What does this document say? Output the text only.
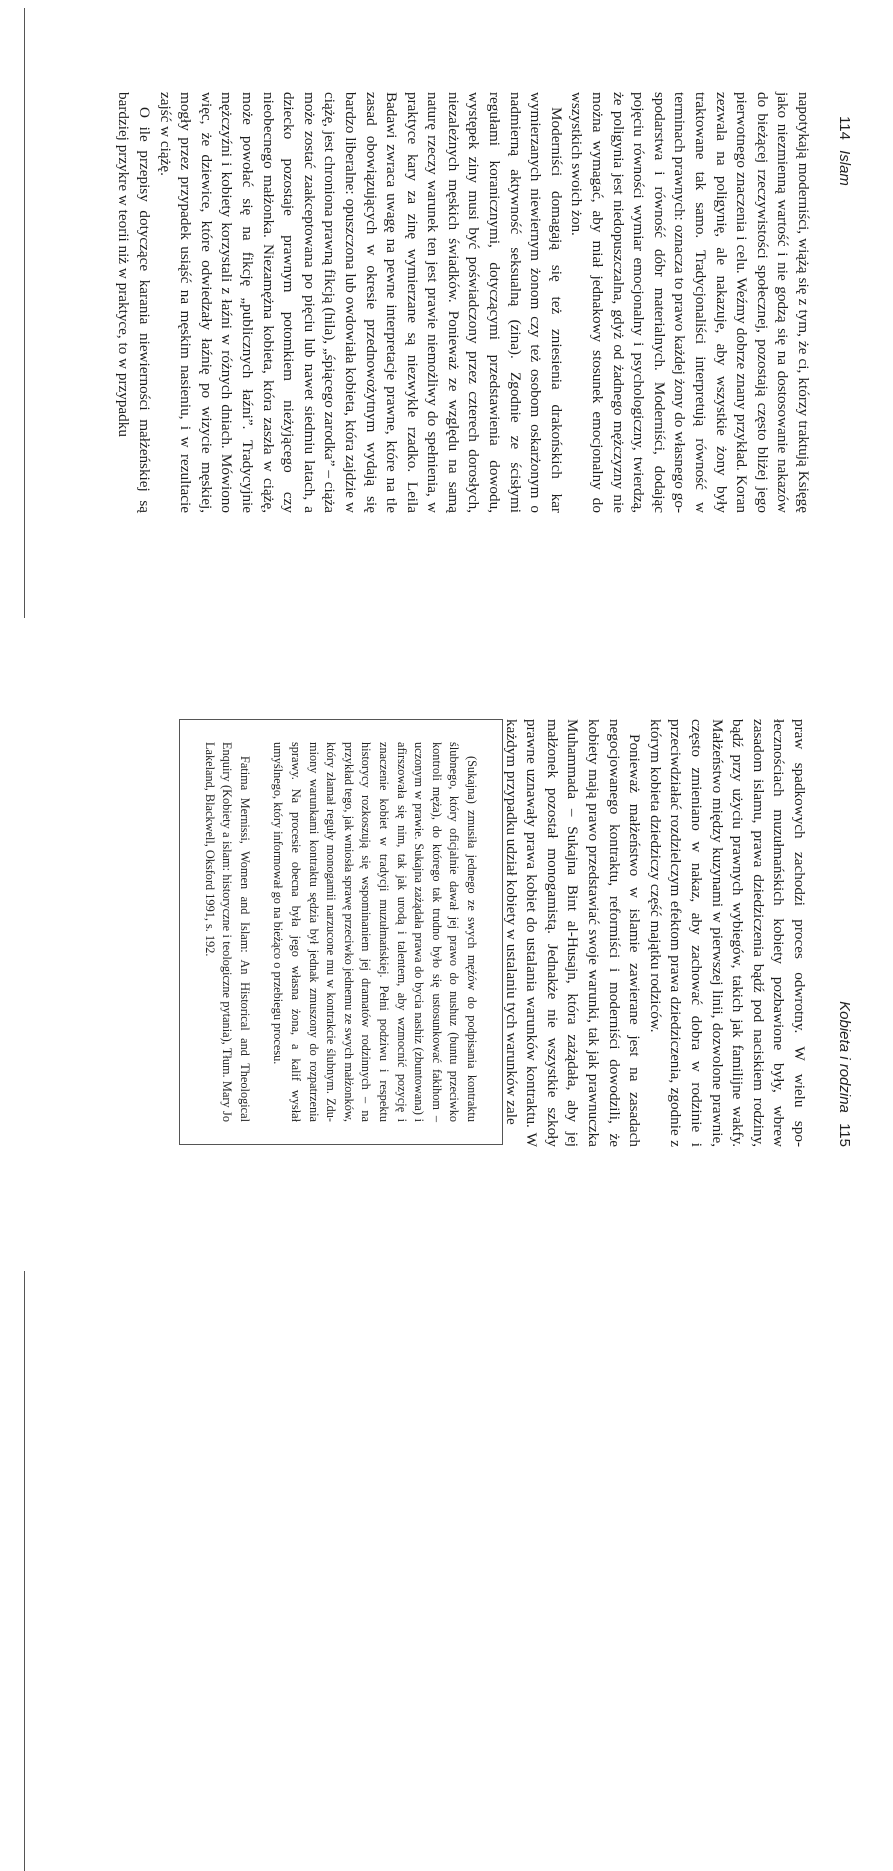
114 Islam

napotykają moderniści, wiążą się z tym, że ci, którzy traktują Księgę jako niezmienną wartość i nie godzą się na dostosowanie nakazów do bieżącej rzeczywistości społecznej, pozostają często bliżej jego pierwotnego znaczenia i celu. Weźmy dobrze znany przykład. Koran zezwala na poligynię, ale nakazuje, aby wszystkie żony były traktowane tak samo. Tradycjonaliści interpretują równość w terminach prawnych: oznacza to prawo każdej żony do własnego gospodarstwa i równość dóbr materialnych. Moderniści, dodając pojęciu równości wymiar emocjonalny i psychologiczny, twierdzą, że poligynia jest niedopuszczalna, gdyż od żadnego mężczyzny nie można wymagać, aby miał jednakowy stosunek emocjonalny do wszystkich swoich żon.

Moderniści domagają się też zniesienia drakońskich kar wymierzanych niewiernym żonom czy też osobom oskarżonym o nadmierną aktywność seksualną (zina). Zgodnie ze ścisłymi regułami koranicznymi, dotyczącymi przedstawienia dowodu, występek ziny musi być poświadczony przez czterech dorosłych, niezależnych męskich świadków. Ponieważ ze względu na samą naturę rzeczy warunek ten jest prawie niemożliwy do spełnienia, w praktyce kary za zinę wymierzane są niezwykle rzadko. Leila Badawi zwraca uwagę na pewne interpretacje prawne, które na tle zasad obowiązujących w okresie przednowożytnym wydają się bardzo liberalne: opuszczona lub owdowiała kobieta, która zajdzie w ciążę, jest chroniona prawną fikcją (hila), „śpiącego zarodka” – ciąża może zostać zaakceptowana po pięciu lub nawet siedmiu latach, a dziecko pozostaje prawnym potomkiem nieżyjącego czy nieobecnego małżonka. Niezamężna kobieta, która zaszła w ciążę, może powołać się na fikcję „publicznych łaźni”. Tradycyjnie mężczyźni i kobiety korzystali z łaźni w różnych dniach. Mówiono więc, że dziewice, które odwiedzały łaźnię po wizycie męskiej, mogły przez przypadek usiąść na męskim nasieniu, i w rezultacie zajść w ciążę.

O ile przepisy dotyczące karania niewierności małżeńskiej są bardziej przykre w teorii niż w praktyce, to w przypadku

Kobieta i rodzina 115

praw spadkowych zachodzi proces odwrotny. W wielu społecznościach muzułmańskich kobiety pozbawione były, wbrew zasadom islamu, prawa dziedziczenia bądź pod naciskiem rodziny, bądź przy użyciu prawnych wybiegów, takich jak familijne wakfy. Małżeństwo między kuzynami w pierwszej linii, dozwolone prawnie, często zmieniano w nakaz, aby zachować dobra w rodzinie i przeciwdziałać rozdzielczym efektom prawa dziedziczenia, zgodnie z którym kobieta dziedziczy część majątku rodziców.

Ponieważ małżeństwo w islamie zawierane jest na zasadach negocjowanego kontraktu, reformiści i moderniści dowodzili, że kobiety mają prawo przedstawiać swoje warunki, tak jak prawnuczka Muhammada – Sukajna Bint al-Husajn, która zażądała, aby jej małżonek pozostał monogamistą. Jednakże nie wszystkie szkoły prawne uznawały prawa kobiet do ustalania warunków kontraktu. W każdym przypadku udział kobiety w ustalaniu tych warunków zale

(Sukajna) zmusiła jednego ze swych mężów do podpisania kontraktu ślubnego, który oficjalnie dawał jej prawo do nushuz (buntu przeciwko kontroli męża), do którego tak trudno było się ustosunkować fakihom – uczonym w prawie. Sukajna zażądała prawa do bycia nashiz (zbuntowana) i afirszowała się nim, tak jak urodą i talentem, aby wzmocnić pozycję i znaczenie kobiet w tradycji muzułmańskiej. Pełni podziwu i respektu historycy rozkoszują się wspominaniem jej dramatów rodzinnych – na przykład tego, jak wniosła sprawę przeciwko jednemu ze swych małżonków, który złamał reguły monogamii narzucone mu w kontrakcie ślubnym. Zdumiony warunkami kontraktu sędzia był jednak zmuszony do rozpatrzenia sprawy. Na procesie obecna była jego własna żona, a kalif wysłał umyślnego, który informował go na bieżąco o przebiegu procesu.

Fatima Mernissi, Women and Islam: An Historical and Theological Enquiry (Kobiety a islam: historyczne i teologiczne pytania), Tłum. Mary Jo Lakeland, Blackwell, Oksford 1991, s. 192.
